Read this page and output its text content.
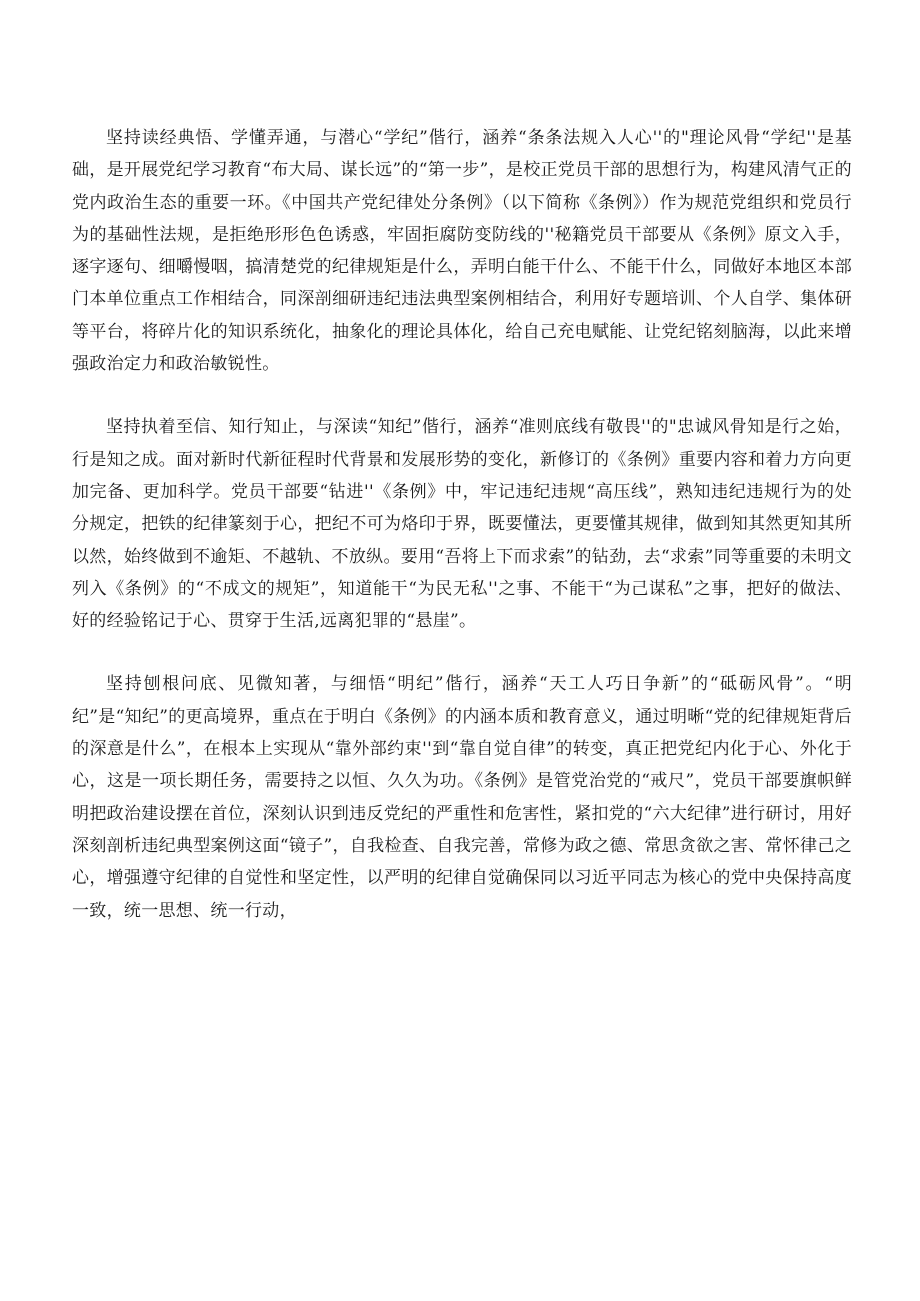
坚持读经典悟、学懂弄通，与潜心“学纪”偕行，涵养“条条法规入人心''的"理论风骨“学纪''是基础，是开展党纪学习教育“布大局、谋长远”的“第一步”，是校正党员干部的思想行为，构建风清气正的党内政治生态的重要一环。《中国共产党纪律处分条例》（以下简称《条例》）作为规范党组织和党员行为的基础性法规，是拒绝形形色色诱惑，牢固拒腐防变防线的''秘籍党员干部要从《条例》原文入手，逐字逐句、细嚼慢咽，搞清楚党的纪律规矩是什么，弄明白能干什么、不能干什么，同做好本地区本部门本单位重点工作相结合，同深剖细研违纪违法典型案例相结合，利用好专题培训、个人自学、集体研等平台，将碎片化的知识系统化，抽象化的理论具体化，给自己充电赋能、让党纪铭刻脑海，以此来增强政治定力和政治敏锐性。

坚持执着至信、知行知止，与深读“知纪”偕行，涵养“准则底线有敬畏''的"忠诚风骨知是行之始，行是知之成。面对新时代新征程时代背景和发展形势的变化，新修订的《条例》重要内容和着力方向更加完备、更加科学。党员干部要“钻进''《条例》中，牢记违纪违规“高压线”，熟知违纪违规行为的处分规定，把铁的纪律篆刻于心，把纪不可为烙印于界，既要懂法，更要懂其规律，做到知其然更知其所以然，始终做到不逾矩、不越轨、不放纵。要用“吾将上下而求索”的钻劲，去“求索”同等重要的未明文列入《条例》的“不成文的规矩”，知道能干“为民无私''之事、不能干“为己谋私”之事，把好的做法、好的经验铭记于心、贯穿于生活,远离犯罪的“悬崖”。

坚持刨根问底、见微知著，与细悟“明纪”偕行，涵养“天工人巧日争新”的“砥砺风骨”。“明纪”是“知纪”的更高境界，重点在于明白《条例》的内涵本质和教育意义，通过明晰“党的纪律规矩背后的深意是什么”，在根本上实现从“靠外部约束''到“靠自觉自律”的转变，真正把党纪内化于心、外化于心，这是一项长期任务，需要持之以恒、久久为功。《条例》是管党治党的“戒尺”，党员干部要旗帜鲜明把政治建设摆在首位，深刻认识到违反党纪的严重性和危害性，紧扣党的“六大纪律”进行研讨，用好深刻剖析违纪典型案例这面“镜子”，自我检查、自我完善，常修为政之德、常思贪欲之害、常怀律己之心，增强遵守纪律的自觉性和坚定性，以严明的纪律自觉确保同以习近平同志为核心的党中央保持高度一致，统一思想、统一行动，
